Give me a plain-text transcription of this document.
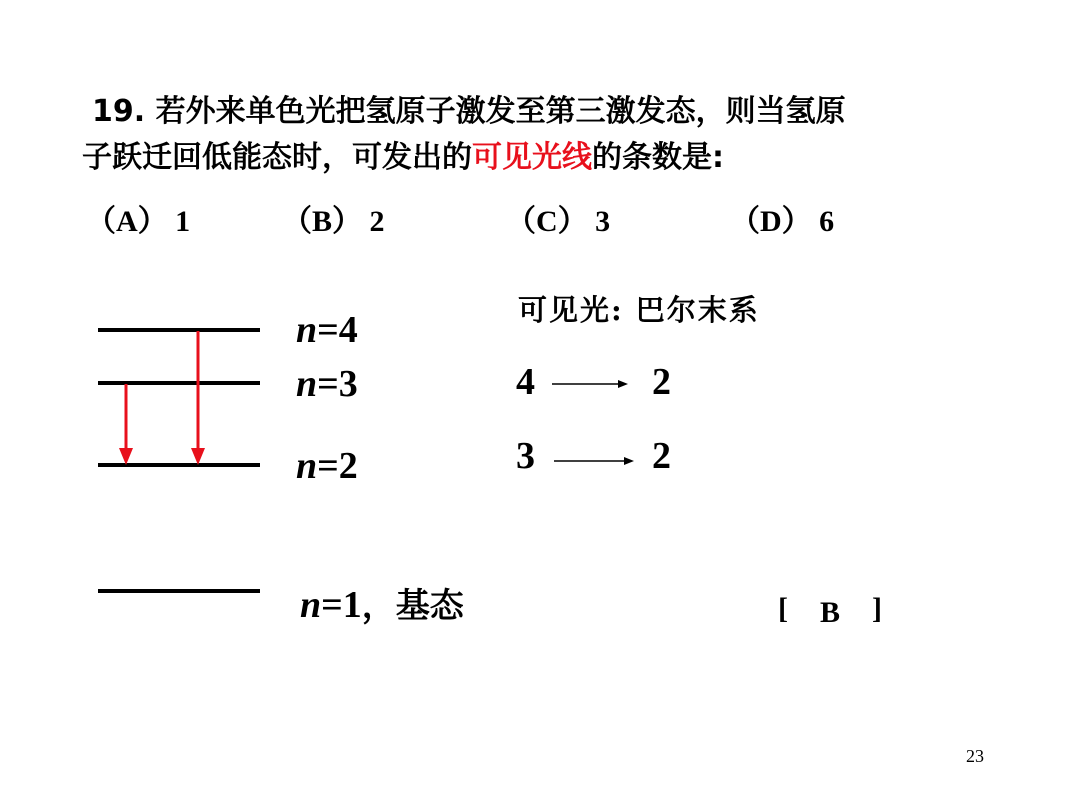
19. 若外来单色光把氢原子激发至第三激发态，则当氢原
子跃迁回低能态时，可发出的可见光线的条数是:
（A） 1	（B） 2	（C） 3	（D） 6
n=4
n=3
n=2
n=1，基态
可见光: 巴尔末系
4	2
3	2
[ B ]
23
